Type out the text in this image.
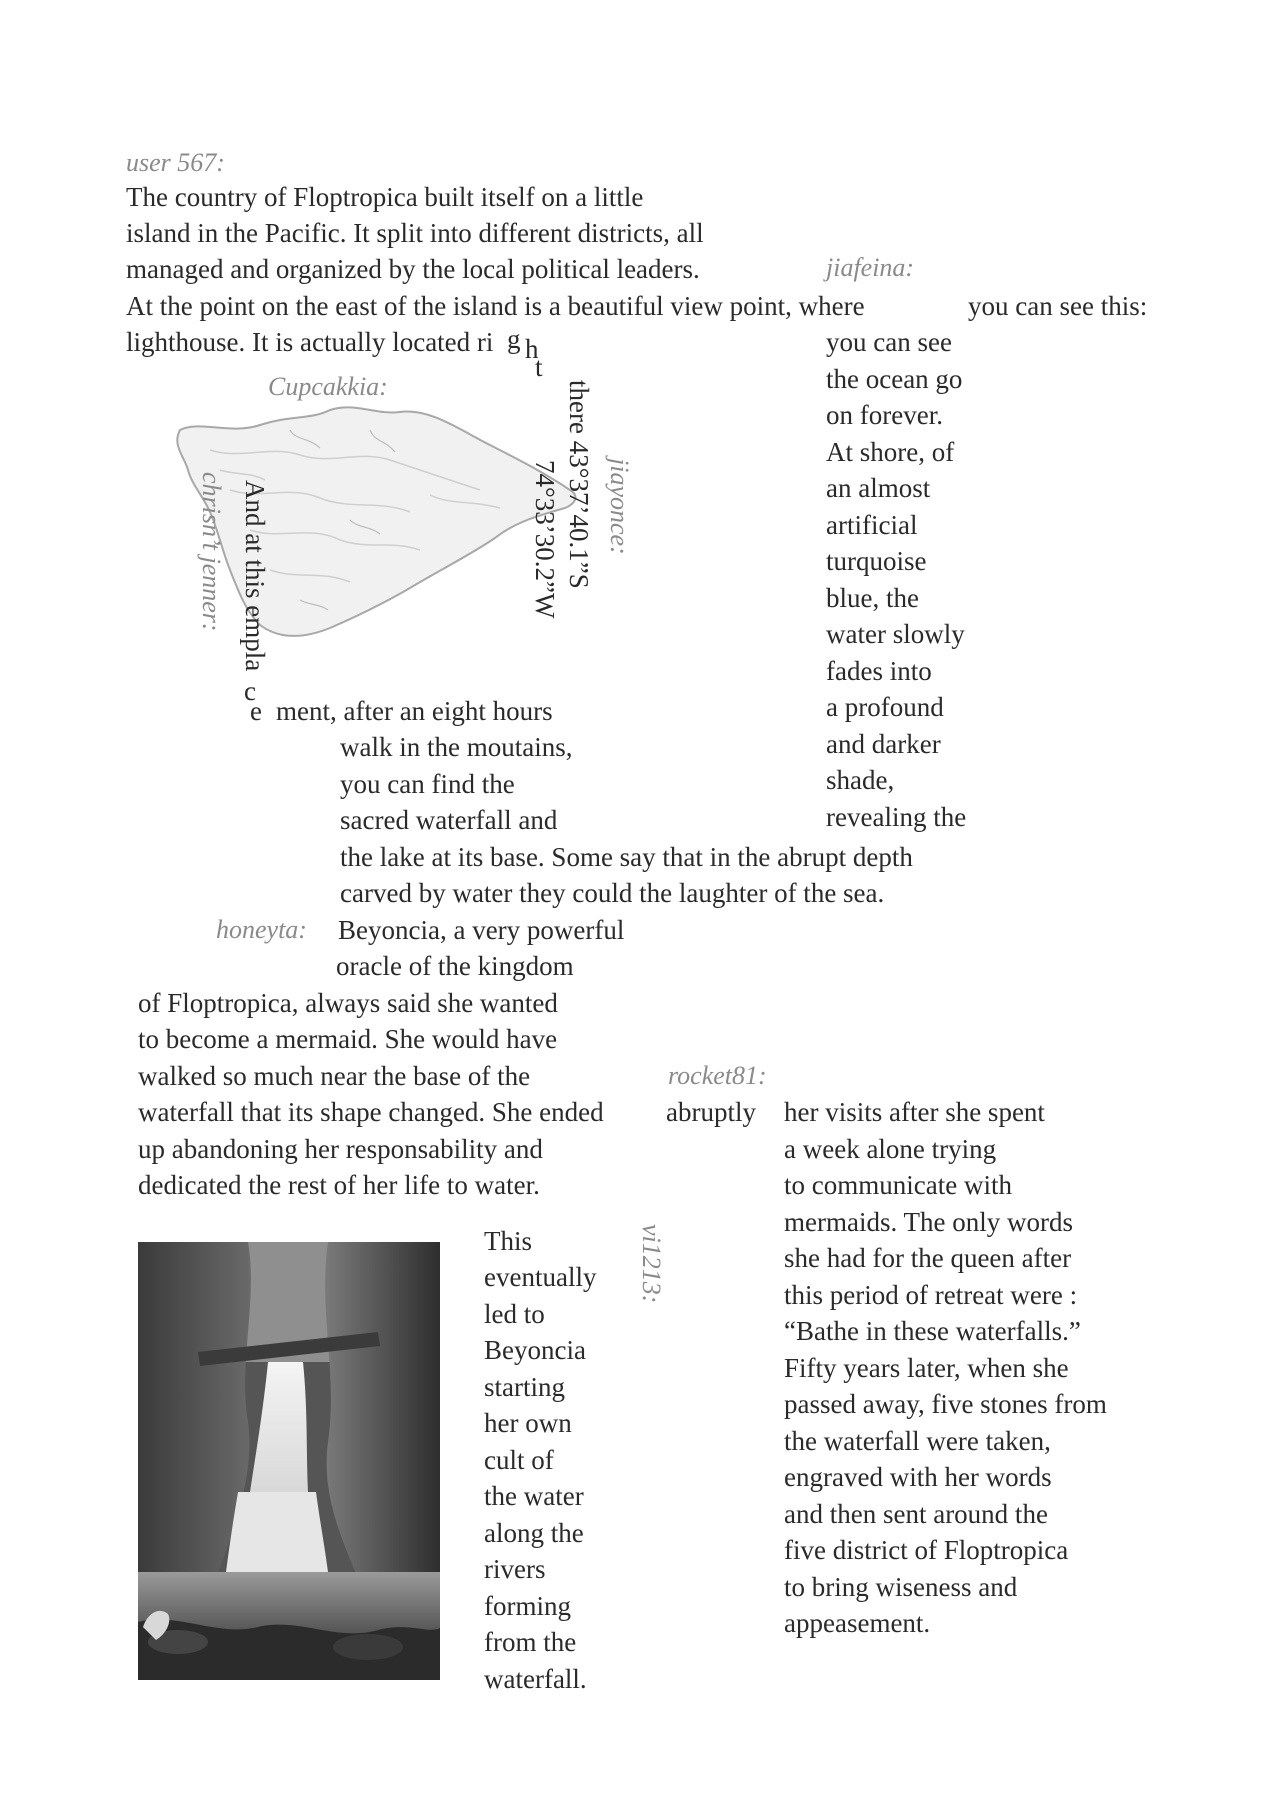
user 567:
The country of Floptropica built itself on a little
island in the Pacific. It split into different districts, all
managed and organized by the local political leaders.	jiafeina:
At the point on the east of the island is a beautiful view point, where	you can see this:
lighthouse. It is actually located ri g h t
Cupcakkia:	there 43°37’40.1”S
74°33’30.2”W jiayonce:
chrisn’t jenner: And at this empla
c e ment, after an eight hours
walk in the moutains,
you can find the
sacred waterfall and
the lake at its base. Some say that in the abrupt depth
carved by water they could the laughter of the sea.
you can see
the ocean go
on forever.
At shore, of
an almost
artificial
turquoise
blue, the
water slowly
fades into
a profound
and darker
shade,
revealing the
honeyta: Beyoncia, a very powerful
oracle of the kingdom
of Floptropica, always said she wanted
to become a mermaid. She would have
walked so much near the base of the
waterfall that its shape changed. She ended
up abandoning her responsability and
dedicated the rest of her life to water.
rocket81:
abruptly her visits after she spent
a week alone trying
to communicate with
mermaids. The only words
she had for the queen after
this period of retreat were :
“Bathe in these waterfalls.”
Fifty years later, when she
passed away, five stones from
the waterfall were taken,
engraved with her words
and then sent around the
five district of Floptropica
to bring wiseness and
appeasement.
This
eventually
led to
Beyoncia
starting
her own
cult of
the water
along the
rivers
forming
from the
waterfall.
vi1213:
